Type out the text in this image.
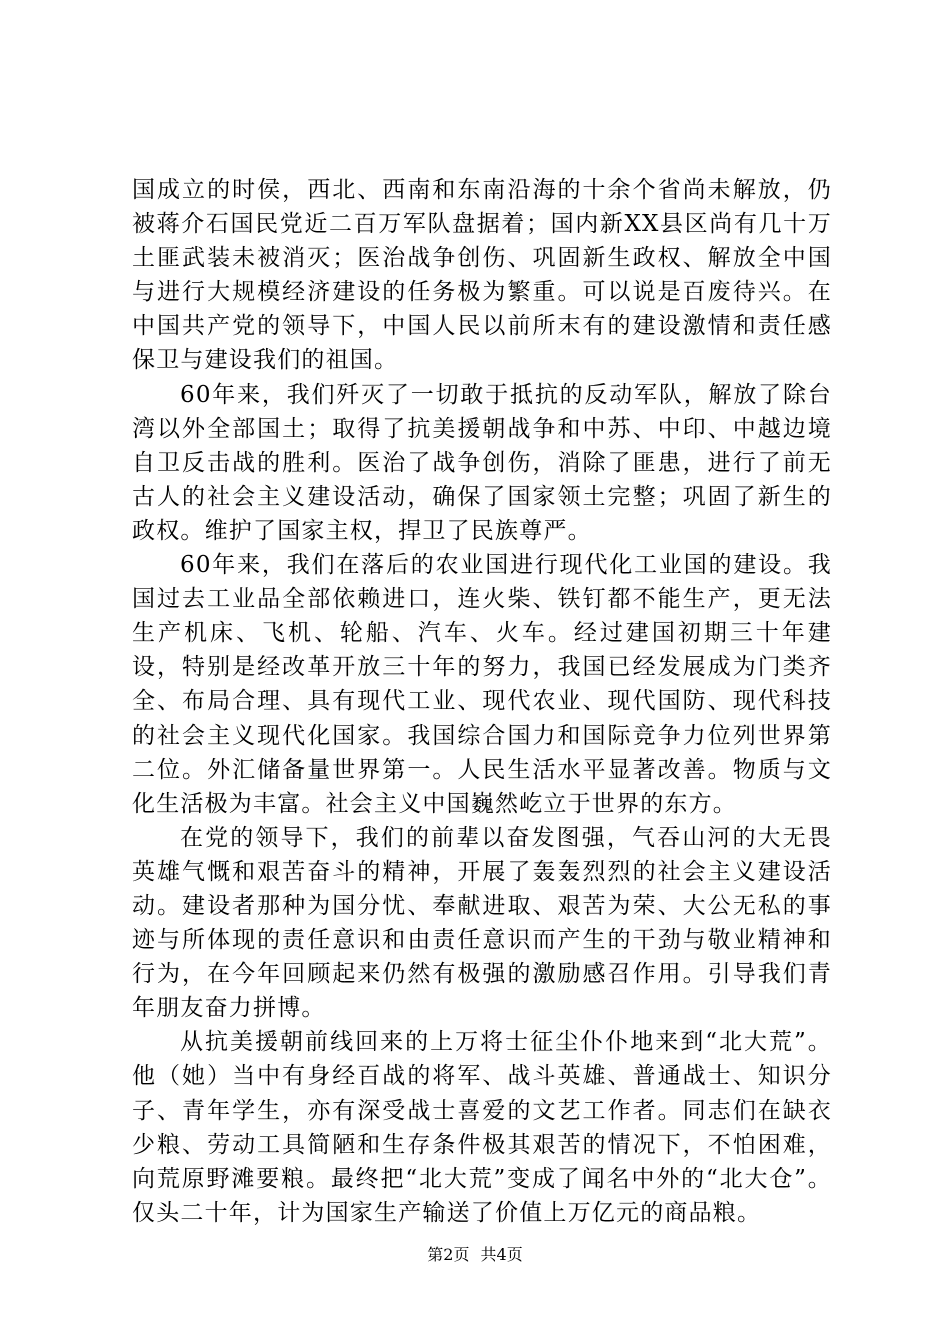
国成立的时侯，西北、西南和东南沿海的十余个省尚未解放，仍被蒋介石国民党近二百万军队盘据着；国内新XX县区尚有几十万土匪武装未被消灭；医治战争创伤、巩固新生政权、解放全中国与进行大规模经济建设的任务极为繁重。可以说是百废待兴。在中国共产党的领导下，中国人民以前所末有的建设激情和责任感保卫与建设我们的祖国。

60年来，我们歼灭了一切敢于抵抗的反动军队，解放了除台湾以外全部国土；取得了抗美援朝战争和中苏、中印、中越边境自卫反击战的胜利。医治了战争创伤，消除了匪患，进行了前无古人的社会主义建设活动，确保了国家领土完整；巩固了新生的政权。维护了国家主权，捍卫了民族尊严。

60年来，我们在落后的农业国进行现代化工业国的建设。我国过去工业品全部依赖进口，连火柴、铁钉都不能生产，更无法生产机床、飞机、轮船、汽车、火车。经过建国初期三十年建设，特别是经改革开放三十年的努力，我国已经发展成为门类齐全、布局合理、具有现代工业、现代农业、现代国防、现代科技的社会主义现代化国家。我国综合国力和国际竞争力位列世界第二位。外汇储备量世界第一。人民生活水平显著改善。物质与文化生活极为丰富。社会主义中国巍然屹立于世界的东方。

在党的领导下，我们的前辈以奋发图强，气吞山河的大无畏英雄气慨和艰苦奋斗的精神，开展了轰轰烈烈的社会主义建设活动。建设者那种为国分忧、奉献进取、艰苦为荣、大公无私的事迹与所体现的责任意识和由责任意识而产生的干劲与敬业精神和行为，在今年回顾起来仍然有极强的激励感召作用。引导我们青年朋友奋力拼博。

从抗美援朝前线回来的上万将士征尘仆仆地来到“北大荒”。他（她）当中有身经百战的将军、战斗英雄、普通战士、知识分子、青年学生，亦有深受战士喜爱的文艺工作者。同志们在缺衣少粮、劳动工具简陋和生存条件极其艰苦的情况下，不怕困难，向荒原野滩要粮。最终把“北大荒”变成了闻名中外的“北大仓”。仅头二十年，计为国家生产输送了价值上万亿元的商品粮。

第2页 共4页
